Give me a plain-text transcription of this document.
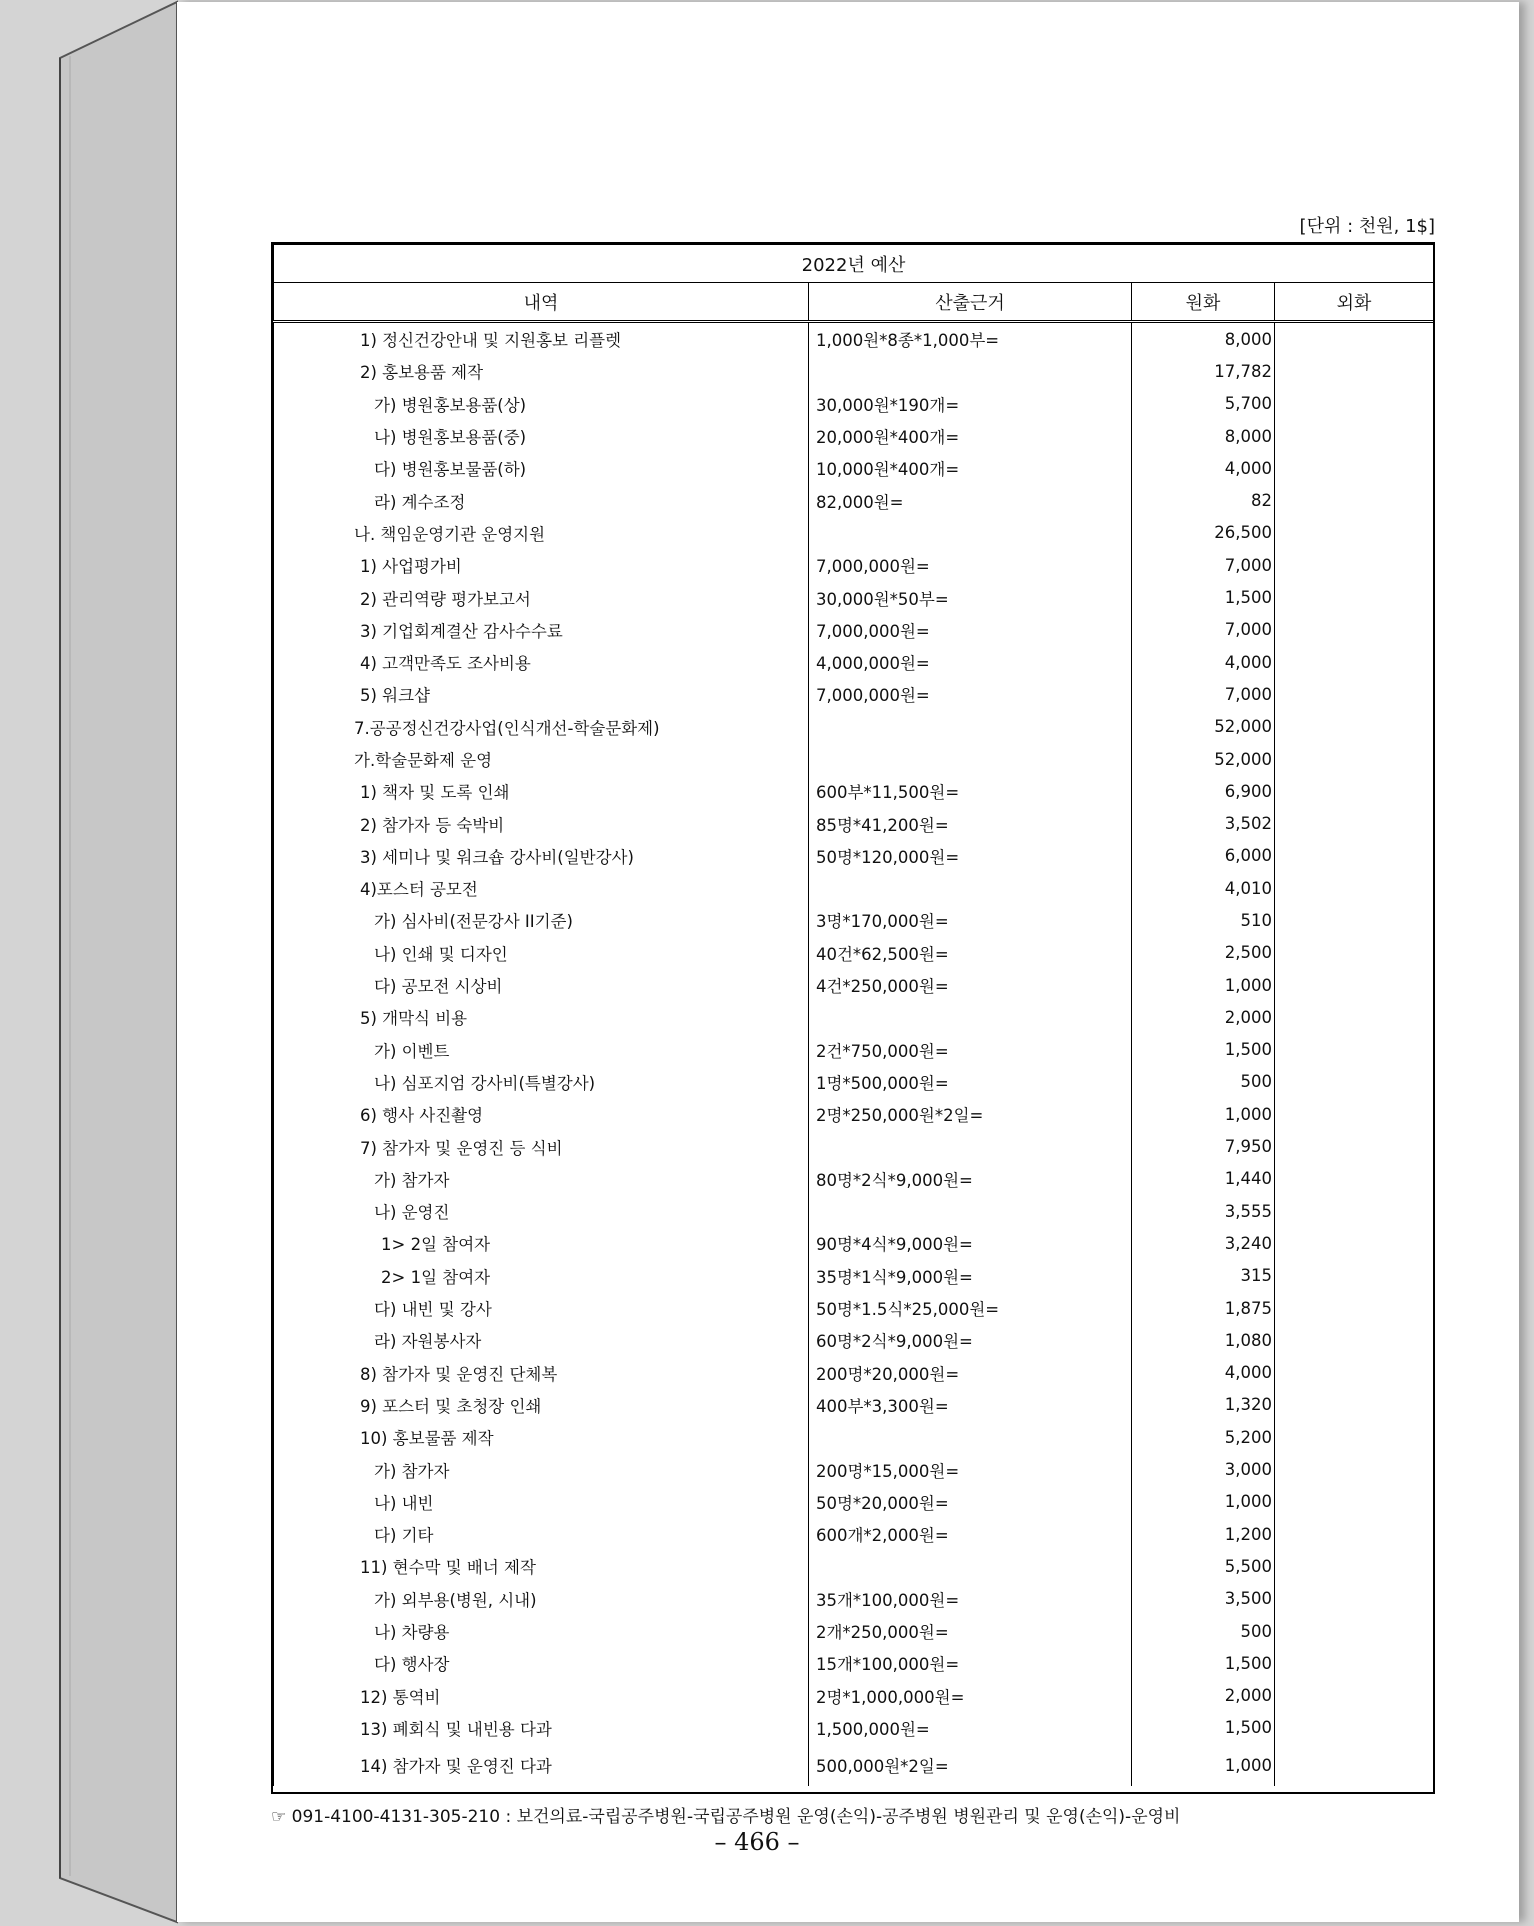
[단위 : 천원, 1$]
2022년 예산			
내역	산출근거	원화	외화
1) 정신건강안내 및 지원홍보 리플렛	1,000원*8종*1,000부=	8,000	
2) 홍보용품 제작		17,782	
가) 병원홍보용품(상)	30,000원*190개=	5,700	
나) 병원홍보용품(중)	20,000원*400개=	8,000	
다) 병원홍보물품(하)	10,000원*400개=	4,000	
라) 계수조정	82,000원=	82	
나. 책임운영기관 운영지원		26,500	
1) 사업평가비	7,000,000원=	7,000	
2) 관리역량 평가보고서	30,000원*50부=	1,500	
3) 기업회계결산 감사수수료	7,000,000원=	7,000	
4) 고객만족도 조사비용	4,000,000원=	4,000	
5) 워크샵	7,000,000원=	7,000	
7.공공정신건강사업(인식개선-학술문화제)		52,000	
가.학술문화제 운영		52,000	
1) 책자 및 도록 인쇄	600부*11,500원=	6,900	
2) 참가자 등 숙박비	85명*41,200원=	3,502	
3) 세미나 및 워크숍 강사비(일반강사)	50명*120,000원=	6,000	
4)포스터 공모전		4,010	
가) 심사비(전문강사 II기준)	3명*170,000원=	510	
나) 인쇄 및 디자인	40건*62,500원=	2,500	
다) 공모전 시상비	4건*250,000원=	1,000	
5) 개막식 비용		2,000	
가) 이벤트	2건*750,000원=	1,500	
나) 심포지엄 강사비(특별강사)	1명*500,000원=	500	
6) 행사 사진촬영	2명*250,000원*2일=	1,000	
7) 참가자 및 운영진 등 식비		7,950	
가) 참가자	80명*2식*9,000원=	1,440	
나) 운영진		3,555	
1> 2일 참여자	90명*4식*9,000원=	3,240	
2> 1일 참여자	35명*1식*9,000원=	315	
다) 내빈 및 강사	50명*1.5식*25,000원=	1,875	
라) 자원봉사자	60명*2식*9,000원=	1,080	
8) 참가자 및 운영진 단체복	200명*20,000원=	4,000	
9) 포스터 및 초청장 인쇄	400부*3,300원=	1,320	
10) 홍보물품 제작		5,200	
가) 참가자	200명*15,000원=	3,000	
나) 내빈	50명*20,000원=	1,000	
다) 기타	600개*2,000원=	1,200	
11) 현수막 및 배너 제작		5,500	
가) 외부용(병원, 시내)	35개*100,000원=	3,500	
나) 차량용	2개*250,000원=	500	
다) 행사장	15개*100,000원=	1,500	
12) 통역비	2명*1,000,000원=	2,000	
13) 폐회식 및 내빈용 다과	1,500,000원=	1,500	
14) 참가자 및 운영진 다과	500,000원*2일=	1,000	
☞ 091-4100-4131-305-210 : 보건의료-국립공주병원-국립공주병원 운영(손익)-공주병원 병원관리 및 운영(손익)-운영비
– 466 –
